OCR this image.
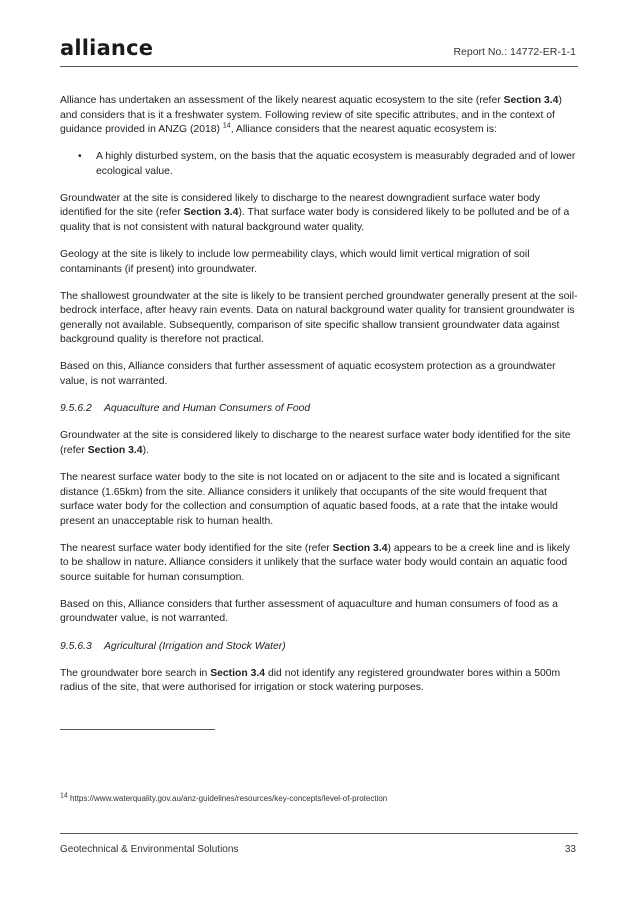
alliance	Report No.: 14772-ER-1-1

Alliance has undertaken an assessment of the likely nearest aquatic ecosystem to the site (refer Section 3.4) and considers that is it a freshwater system. Following review of site specific attributes, and in the context of guidance provided in ANZG (2018) $^{14}$, Alliance considers that the nearest aquatic ecosystem is:

• A highly disturbed system, on the basis that the aquatic ecosystem is measurably degraded and of lower ecological value.

Groundwater at the site is considered likely to discharge to the nearest downgradient surface water body identified for the site (refer Section 3.4). That surface water body is considered likely to be polluted and be of a quality that is not consistent with natural background water quality.

Geology at the site is likely to include low permeability clays, which would limit vertical migration of soil contaminants (if present) into groundwater.

The shallowest groundwater at the site is likely to be transient perched groundwater generally present at the soil-bedrock interface, after heavy rain events. Data on natural background water quality for transient groundwater is generally not available. Subsequently, comparison of site specific shallow transient groundwater data against background quality is therefore not practical.

Based on this, Alliance considers that further assessment of aquatic ecosystem protection as a groundwater value, is not warranted.

9.5.6.2 Aquaculture and Human Consumers of Food

Groundwater at the site is considered likely to discharge to the nearest surface water body identified for the site (refer Section 3.4).

The nearest surface water body to the site is not located on or adjacent to the site and is located a significant distance (1.65km) from the site. Alliance considers it unlikely that occupants of the site would frequent that surface water body for the collection and consumption of aquatic based foods, at a rate that the intake would present an unacceptable risk to human health.

The nearest surface water body identified for the site (refer Section 3.4) appears to be a creek line and is likely to be shallow in nature. Alliance considers it unlikely that the surface water body would contain an aquatic food source suitable for human consumption.

Based on this, Alliance considers that further assessment of aquaculture and human consumers of food as a groundwater value, is not warranted.

9.5.6.3 Agricultural (Irrigation and Stock Water)

The groundwater bore search in Section 3.4 did not identify any registered groundwater bores within a 500m radius of the site, that were authorised for irrigation or stock watering purposes.

$^{14}$ https://www.waterquality.gov.au/anz-guidelines/resources/key-concepts/level-of-protection
Geotechnical & Environmental Solutions	33
